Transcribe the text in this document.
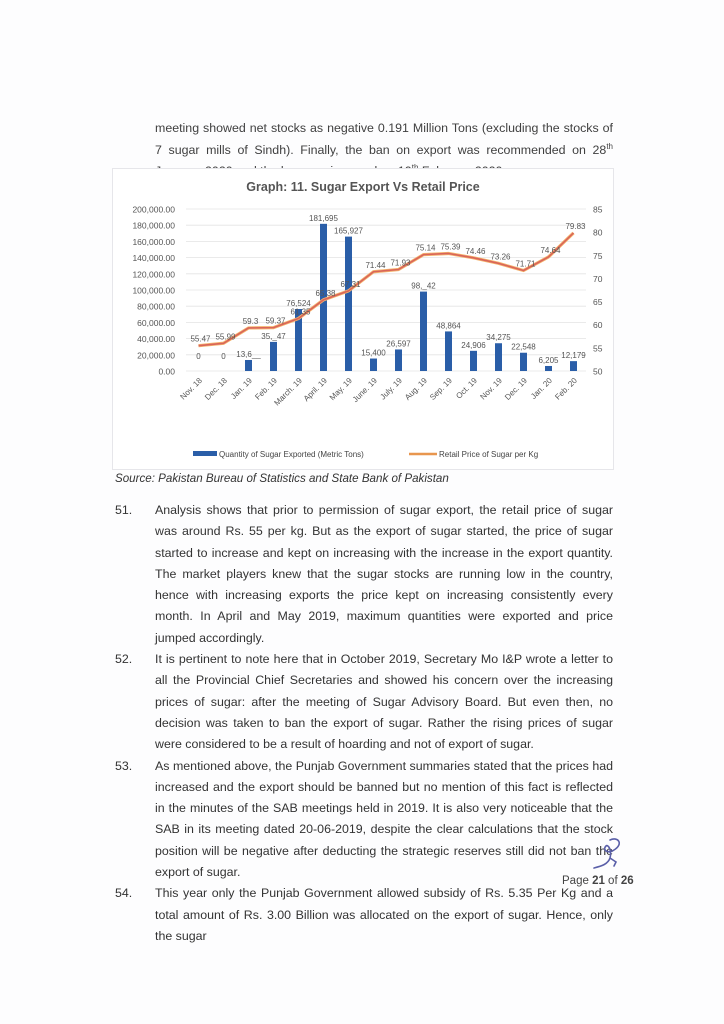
meeting showed net stocks as negative 0.191 Million Tons (excluding the stocks of 7 sugar mills of Sindh). Finally, the ban on export was recommended on 28th

Graph: 11. Sugar Export Vs Retail Price
0.00
20,000.00
40,000.00
60,000.00
80,000.00
100,000.00
120,000.00
140,000.00
160,000.00
180,000.00
200,000.00
50
55
60
65
70
75
80
85
0
Nov. 18
0
Dec. 18
13,6__
Jan. 19
35,_47
Feb. 19
76,524
March. 19
181,695
April. 19
165,927
May. 19
15,400
June. 19
26,597
July. 19
98,_42
Aug. 19
48,864
Sep. 19
24,906
Oct. 19
34,275
Nov. 19
22,548
Dec. 19
6,205
Jan. 20
12,179
Feb. 20
55.47 55.99
59.3 59.37
61.35
65.38
67.31
71.44 71.93
75.14 75.39 74.46
73.26
71.71
74.64
79.83
Quantity of Sugar Exported (Metric Tons)	Retail Price of Sugar per Kg
Source: Pakistan Bureau of Statistics and State Bank of Pakistan
51.	Analysis shows that prior to permission of sugar export, the retail price of sugar was around Rs. 55 per kg. But as the export of sugar started, the price of sugar started to increase and kept on increasing with the increase in the export quantity. The market players knew that the sugar stocks are running low in the country, hence with increasing exports the price kept on increasing consistently every month. In April and May 2019, maximum quantities were exported and price jumped accordingly.
52.	It is pertinent to note here that in October 2019, Secretary Mo I&P wrote a letter to all the Provincial Chief Secretaries and showed his concern over the increasing prices of sugar: after the meeting of Sugar Advisory Board. But even then, no decision was taken to ban the export of sugar. Rather the rising prices of sugar were considered to be a result of hoarding and not of export of sugar.
53.	As mentioned above, the Punjab Government summaries stated that the prices had increased and the export should be banned but no mention of this fact is reflected in the minutes of the SAB meetings held in 2019. It is also very noticeable that the SAB in its meeting dated 20-06-2019, despite the clear calculations that the stock position will be negative after deducting the strategic reserves still did not ban the export of sugar.
54.	This year only the Punjab Government allowed subsidy of Rs. 5.35 Per Kg and a total amount of Rs. 3.00 Billion was allocated on the export of sugar. Hence, only the sugar
Page 21 of 26
